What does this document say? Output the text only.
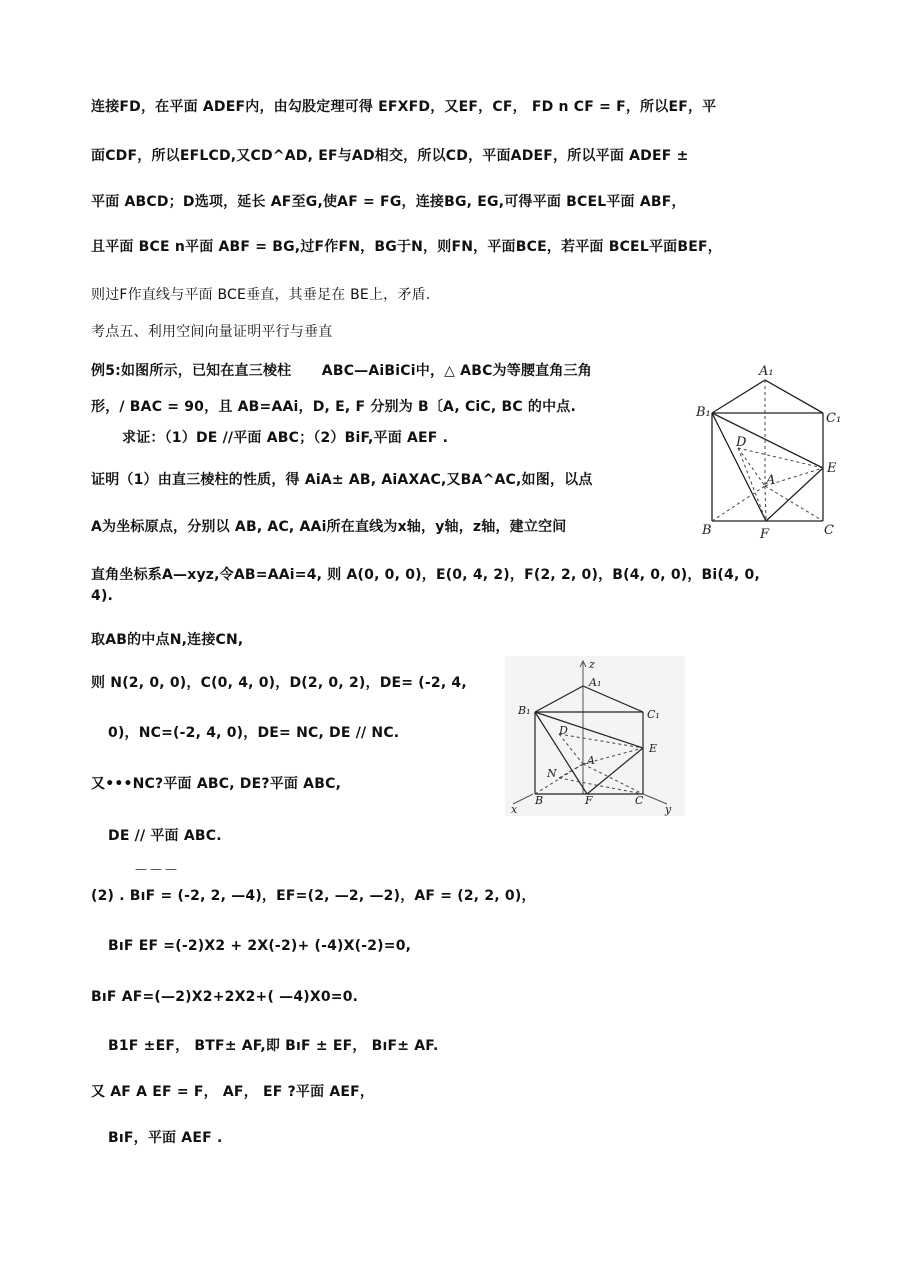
连接FD，在平面 ADEF内，由勾股定理可得 EFXFD，又EF，CF， FD n CF = F，所以EF，平
面CDF，所以EFLCD,又CD^AD, EF与AD相交，所以CD，平面ADEF，所以平面 ADEF ±
平面 ABCD；D选项，延长 AF至G,使AF = FG，连接BG, EG,可得平面 BCEL平面 ABF，
且平面 BCE n平面 ABF = BG,过F作FN，BG于N，则FN，平面BCE，若平面 BCEL平面BEF，
则过F作直线与平面 BCE垂直，其垂足在 BE上，矛盾.
考点五、利用空间向量证明平行与垂直
例5:如图所示，已知在直三棱柱      ABC—AiBiCi中，△ ABC为等腰直角三角
形，/ BAC = 90，且 AB=AAi，D, E, F 分别为 B〔A, CiC, BC 的中点.
求证：（1）DE //平面 ABC；（2）BiF,平面 AEF .
证明（1）由直三棱柱的性质，得 AiA± AB, AiAXAC,又BA^AC,如图，以点
A为坐标原点，分别以 AB, AC, AAi所在直线为x轴，y轴，z轴，建立空间
直角坐标系A—xyz,令AB=AAi=4, 则 A(0, 0, 0)，E(0, 4, 2)，F(2, 2, 0)，B(4, 0, 0)，Bi(4, 0,
4).
取AB的中点N,连接CN,
则 N(2, 0, 0)，C(0, 4, 0)，D(2, 0, 2)，DE= (-2, 4,
0)，NC=(-2, 4, 0)，DE= NC, DE // NC.
又•••NC?平面 ABC, DE?平面 ABC,
DE // 平面 ABC.
———
(2) . BıF = (-2, 2, —4)，EF=(2, —2, —2)，AF = (2, 2, 0)，
BıF EF =(-2)X2 + 2X(-2)+ (-4)X(-2)=0,
BıF AF=(—2)X2+2X2+( —4)X0=0.
B1F ±EF， BTF± AF,即 BıF ± EF， BıF± AF.
又 AF A EF = F， AF， EF ?平面 AEF，
BıF，平面 AEF .
A₁
B₁	C₁
D
E
A
B	F	C
z
A₁
B₁	C₁
D
E
N
A
B	F	C
x	y
